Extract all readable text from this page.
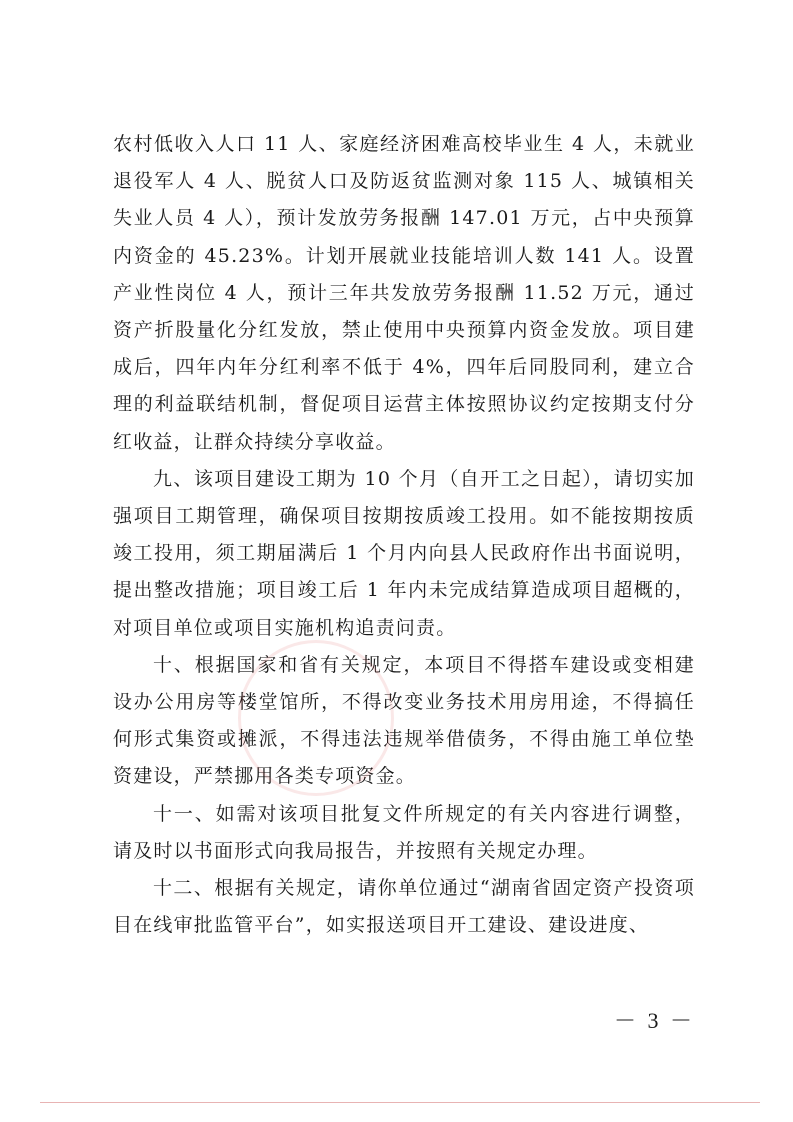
农村低收入人口 11 人、家庭经济困难高校毕业生 4 人，未就业退役军人 4 人、脱贫人口及防返贫监测对象 115 人、城镇相关失业人员 4 人），预计发放劳务报酬 147.01 万元，占中央预算内资金的 45.23%。计划开展就业技能培训人数 141 人。设置产业性岗位 4 人，预计三年共发放劳务报酬 11.52 万元，通过资产折股量化分红发放，禁止使用中央预算内资金发放。项目建成后，四年内年分红利率不低于 4%，四年后同股同利，建立合理的利益联结机制，督促项目运营主体按照协议约定按期支付分红收益，让群众持续分享收益。

九、该项目建设工期为 10 个月（自开工之日起），请切实加强项目工期管理，确保项目按期按质竣工投用。如不能按期按质竣工投用，须工期届满后 1 个月内向县人民政府作出书面说明，提出整改措施；项目竣工后 1 年内未完成结算造成项目超概的，对项目单位或项目实施机构追责问责。

十、根据国家和省有关规定，本项目不得搭车建设或变相建设办公用房等楼堂馆所，不得改变业务技术用房用途，不得搞任何形式集资或摊派，不得违法违规举借债务，不得由施工单位垫资建设，严禁挪用各类专项资金。

十一、如需对该项目批复文件所规定的有关内容进行调整，请及时以书面形式向我局报告，并按照有关规定办理。

十二、根据有关规定，请你单位通过“湖南省固定资产投资项目在线审批监管平台”，如实报送项目开工建设、建设进度、

－ 3 －
